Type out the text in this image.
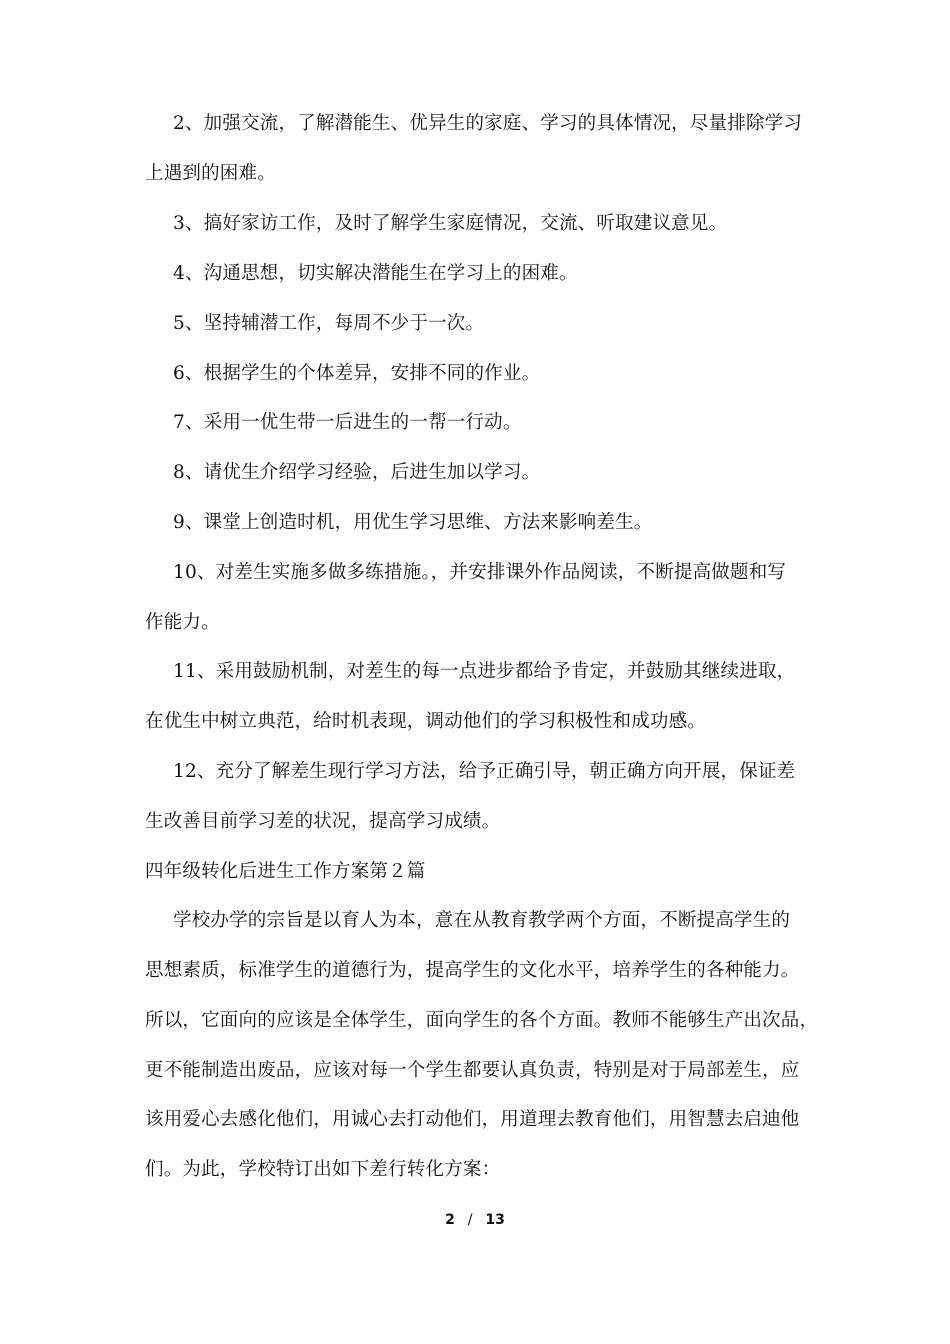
2、加强交流，了解潜能生、优异生的家庭、学习的具体情况，尽量排除学习
上遇到的困难。
3、搞好家访工作，及时了解学生家庭情况，交流、听取建议意见。
4、沟通思想，切实解决潜能生在学习上的困难。
5、坚持辅潜工作，每周不少于一次。
6、根据学生的个体差异，安排不同的作业。
7、采用一优生带一后进生的一帮一行动。
8、请优生介绍学习经验，后进生加以学习。
9、课堂上创造时机，用优生学习思维、方法来影响差生。
10、对差生实施多做多练措施。，并安排课外作品阅读，不断提高做题和写
作能力。
11、采用鼓励机制，对差生的每一点进步都给予肯定，并鼓励其继续进取，
在优生中树立典范，给时机表现，调动他们的学习积极性和成功感。
12、充分了解差生现行学习方法，给予正确引导，朝正确方向开展，保证差
生改善目前学习差的状况，提高学习成绩。
四年级转化后进生工作方案第２篇
学校办学的宗旨是以育人为本，意在从教育教学两个方面，不断提高学生的
思想素质，标准学生的道德行为，提高学生的文化水平，培养学生的各种能力。
所以，它面向的应该是全体学生，面向学生的各个方面。教师不能够生产出次品，
更不能制造出废品，应该对每一个学生都要认真负责，特别是对于局部差生，应
该用爱心去感化他们，用诚心去打动他们，用道理去教育他们，用智慧去启迪他
们。为此，学校特订出如下差行转化方案：
2 / 13
